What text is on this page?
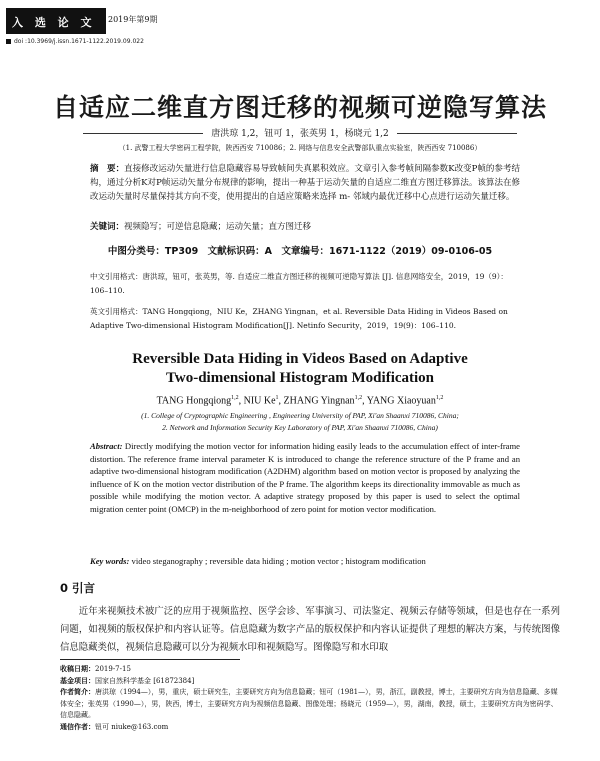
入 选 论 文 2019年第9期
doi :10.3969/j.issn.1671-1122.2019.09.022
自适应二维直方图迁移的视频可逆隐写算法
唐洪琼 1,2，钮可 1，张英男 1，杨晓元 1,2
（1. 武警工程大学密码工程学院，陕西西安 710086；2. 网络与信息安全武警部队重点实验室，陕西西安 710086）
摘　要：直接修改运动矢量进行信息隐藏容易导致帧间失真累积效应。文章引入参考帧间隔参数K改变P帧的参考结构，通过分析K对P帧运动矢量分布规律的影响，提出一种基于运动矢量的自适应二维直方图迁移算法。该算法在修改运动矢量时尽量保持其方向不变，使用提出的自适应策略来选择 m- 邻域内最优迁移中心点进行运动矢量迁移。
关键词：视频隐写；可逆信息隐藏；运动矢量；直方图迁移
中图分类号：TP309　文献标识码：A　文章编号：1671-1122（2019）09-0106-05
中文引用格式：唐洪琼，钮可，张英男，等. 自适应二维直方图迁移的视频可逆隐写算法 [J]. 信息网络安全，2019，19（9）：106–110.
英文引用格式：TANG Hongqiong，NIU Ke，ZHANG Yingnan，et al. Reversible Data Hiding in Videos Based on Adaptive Two-dimensional Histogram Modification[J]. Netinfo Security，2019，19(9)：106–110.
Reversible Data Hiding in Videos Based on Adaptive
Two-dimensional Histogram Modification
TANG Hongqiong$^{1,2}$, NIU Ke$^1$, ZHANG Yingnan$^{1,2}$, YANG Xiaoyuan$^{1,2}$
(1. College of Cryptographic Engineering , Engineering University of PAP, Xi'an Shaanxi 710086, China;
2. Network and Information Security Key Laboratory of PAP, Xi'an Shaanxi 710086, China)
Abstract: Directly modifying the motion vector for information hiding easily leads to the accumulation effect of inter-frame distortion. The reference frame interval parameter K is introduced to change the reference structure of the P frame and an adaptive two-dimensional histogram modification (A2DHM) algorithm based on motion vector is proposed by analyzing the influence of K on the motion vector distribution of the P frame. The algorithm keeps its directionality immovable as much as possible while modifying the motion vector. A adaptive strategy proposed by this paper is used to select the optimal migration center point (OMCP) in the m-neighborhood of zero point for motion vector modification.
Key words: video steganography ; reversible data hiding ; motion vector ; histogram modification
0 引言
近年来视频技术被广泛的应用于视频监控、医学会诊、军事演习、司法鉴定、视频云存储等领域，但是也存在一系列问题，如视频的版权保护和内容认证等。信息隐藏为数字产品的版权保护和内容认证提供了理想的解决方案，与传统图像信息隐藏类似，视频信息隐藏可以分为视频水印和视频隐写。图像隐写和水印取
收稿日期：2019-7-15
基金项目：国家自然科学基金 [61872384]
作者简介：唐洪琼（1994—），男，重庆，硕士研究生，主要研究方向为信息隐藏；钮可（1981—），男，浙江，副教授，博士，主要研究方向为信息隐藏、多媒体安全；张英男（1990—），男，陕西，博士，主要研究方向为视频信息隐藏、图像处理；杨晓元（1959—），男，湖南，教授，硕士，主要研究方向为密码学、信息隐藏。
通信作者：钮可 niuke@163.com
